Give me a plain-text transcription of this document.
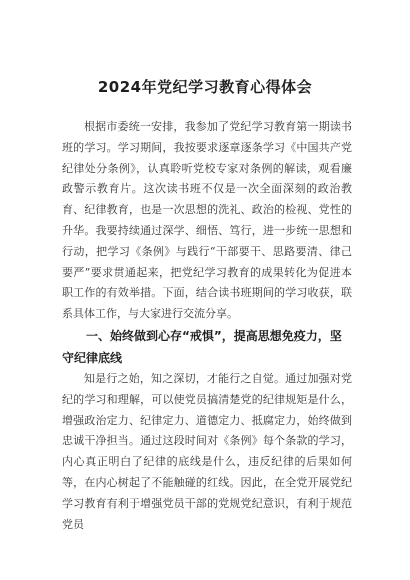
2024年党纪学习教育心得体会

根据市委统一安排，我参加了党纪学习教育第一期读书班的学习。学习期间，我按要求逐章逐条学习《中国共产党纪律处分条例》，认真聆听党校专家对条例的解读，观看廉政警示教育片。这次读书班不仅是一次全面深刻的政治教育、纪律教育，也是一次思想的洗礼、政治的检视、党性的升华。我要持续通过深学、细悟、笃行，进一步统一思想和行动，把学习《条例》与践行“干部要干、思路要清、律己要严”要求贯通起来，把党纪学习教育的成果转化为促进本职工作的有效举措。下面，结合读书班期间的学习收获，联系具体工作，与大家进行交流分享。

一、始终做到心存“戒惧”，提高思想免疫力，坚守纪律底线

知是行之始，知之深切，才能行之自觉。通过加强对党纪的学习和理解，可以使党员搞清楚党的纪律规矩是什么，增强政治定力、纪律定力、道德定力、抵腐定力，始终做到忠诚干净担当。通过这段时间对《条例》每个条款的学习，内心真正明白了纪律的底线是什么，违反纪律的后果如何等，在内心树起了不能触碰的红线。因此，在全党开展党纪学习教育有利于增强党员干部的党规党纪意识，有利于规范党员
